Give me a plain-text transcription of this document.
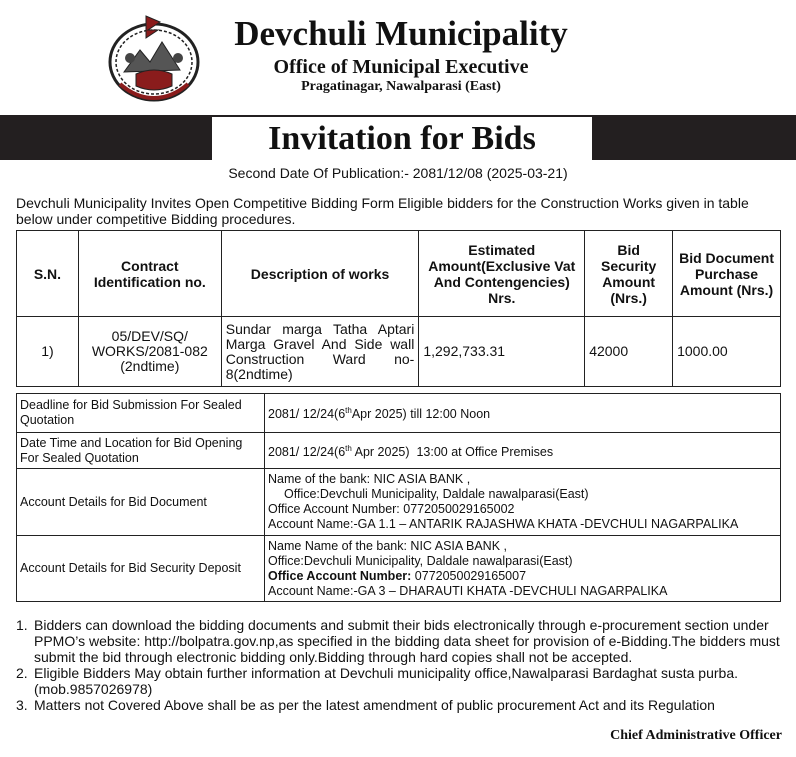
Devchuli Municipality
Office of Municipal Executive
Pragatinagar, Nawalparasi (East)
Invitation for Bids
Second Date Of Publication:- 2081/12/08 (2025-03-21)
Devchuli Municipality Invites Open Competitive Bidding Form Eligible bidders for the Construction Works given in table below under competitive Bidding procedures.
S.N.	Contract Identification no.	Description of works	Estimated Amount(Exclusive Vat And Contengencies) Nrs.	Bid Security Amount (Nrs.)	Bid Document Purchase Amount (Nrs.)
1)	05/DEV/SQ/ WORKS/2081-082 (2ndtime)	Sundar marga Tatha Aptari Marga Gravel And Side wall Construction Ward no-8(2ndtime)	1,292,733.31	42000	1000.00
Deadline for Bid Submission For Sealed Quotation	2081/ 12/24(6thApr 2025) till 12:00 Noon
Date Time and Location for Bid Opening For Sealed Quotation	2081/ 12/24(6th Apr 2025)  13:00 at Office Premises
Account Details for Bid Document	Name of the bank: NIC ASIA BANK ,
Office:Devchuli Municipality, Daldale nawalparasi(East)
Office Account Number: 0772050029165002
Account Name:-GA 1.1 – ANTARIK RAJASHWA KHATA -DEVCHULI NAGARPALIKA

Account Details for Bid Security Deposit	Name Name of the bank: NIC ASIA BANK ,
Office:Devchuli Municipality, Daldale nawalparasi(East)
Office Account Number: 0772050029165007
Account Name:-GA 3 – DHARAUTI KHATA -DEVCHULI NAGARPALIKA
1. Bidders can download the bidding documents and submit their bids electronically through e-procurement section under PPMO’s website: http://bolpatra.gov.np,as specified in the bidding data sheet for provision of e-Bidding.The bidders must submit the bid through electronic bidding only.Bidding through hard copies shall not be accepted.
2. Eligible Bidders May obtain further information at Devchuli municipality office,Nawalparasi Bardaghat susta purba.(mob.9857026978)
3. Matters not Covered Above shall be as per the latest amendment of public procurement Act and its Regulation
Chief Administrative Officer
